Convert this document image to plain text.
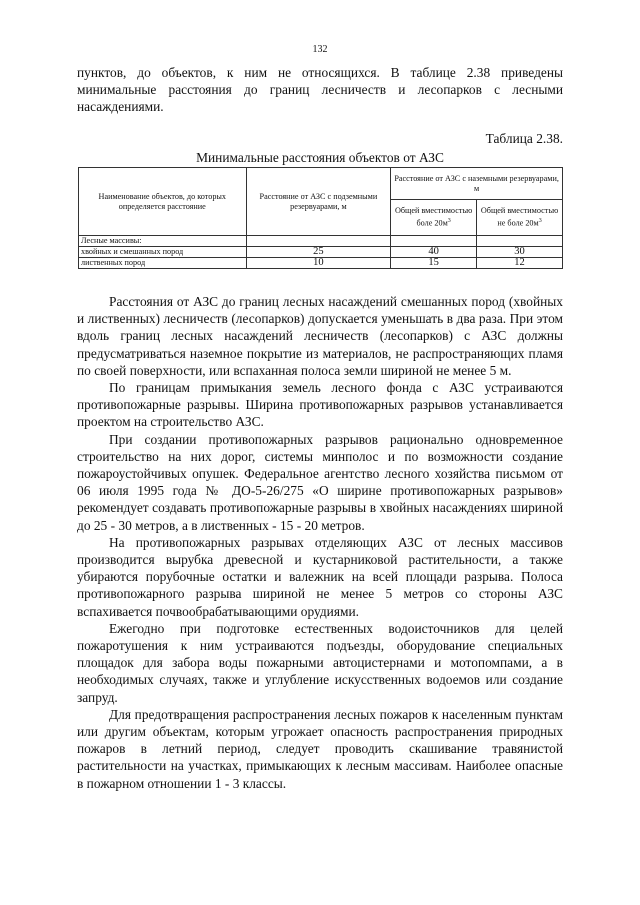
132
пунктов, до объектов, к ним не относящихся. В таблице 2.38 приведены минимальные расстояния до границ лесничеств и лесопарков с лесными насаждениями.
Таблица 2.38.
Минимальные расстояния объектов от АЗС
Наименование объектов, до которых определяется расстояние	Расстояние от АЗС с подземными резервуарами, м	Расстояние от АЗС с наземными резервуарами, м	
		Общей вместимостью боле $20м^3$	Общей вместимостью не боле $20м^3$
Лесные массивы:			
хвойных и смешанных пород	25	40	30
лиственных пород	10	15	12

Расстояния от АЗС до границ лесных насаждений смешанных пород (хвойных и лиственных) лесничеств (лесопарков) допускается уменьшать в два раза. При этом вдоль границ лесных насаждений лесничеств (лесопарков) с АЗС должны предусматриваться наземное покрытие из материалов, не распространяющих пламя по своей поверхности, или вспаханная полоса земли шириной не менее 5 м.

По границам примыкания земель лесного фонда с АЗС устраиваются противопожарные разрывы. Ширина противопожарных разрывов устанавливается проектом на строительство АЗС.

При создании противопожарных разрывов рационально одновременное строительство на них дорог, системы минполос и по возможности создание пожароустойчивых опушек. Федеральное агентство лесного хозяйства письмом от 06 июля 1995 года № ДО-5-26/275 «О ширине противопожарных разрывов» рекомендует создавать противопожарные разрывы в хвойных насаждениях шириной до 25 - 30 метров, а в лиственных - 15 - 20 метров.

На противопожарных разрывах отделяющих АЗС от лесных массивов производится вырубка древесной и кустарниковой растительности, а также убираются порубочные остатки и валежник на всей площади разрыва. Полоса противопожарного разрыва шириной не менее 5 метров со стороны АЗС вспахивается почвообрабатывающими орудиями.

Ежегодно при подготовке естественных водоисточников для целей пожаротушения к ним устраиваются подъезды, оборудование специальных площадок для забора воды пожарными автоцистернами и мотопомпами, а в необходимых случаях, также и углубление искусственных водоемов или создание запруд.

Для предотвращения распространения лесных пожаров к населенным пунктам или другим объектам, которым угрожает опасность распространения природных пожаров в летний период, следует проводить скашивание травянистой растительности на участках, примыкающих к лесным массивам. Наиболее опасные в пожарном отношении 1 - 3 классы.
